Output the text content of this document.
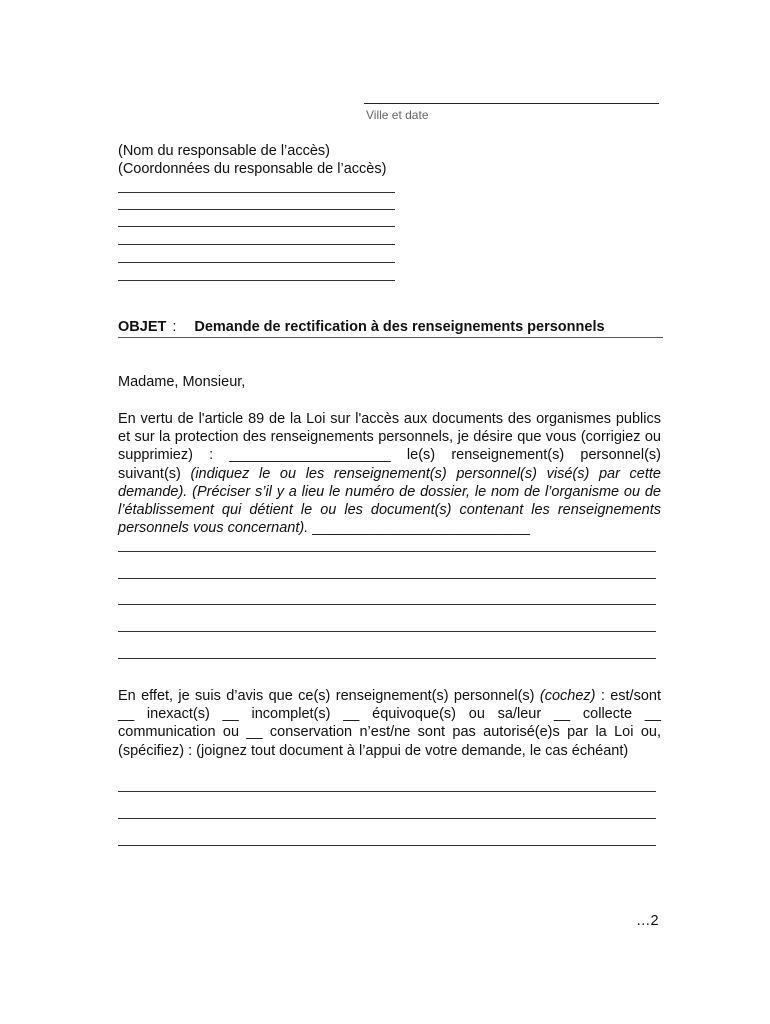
Ville et date
(Nom du responsable de l’accès)
(Coordonnées du responsable de l’accès)
OBJET : Demande de rectification à des renseignements personnels
Madame, Monsieur,
En vertu de l'article 89 de la Loi sur l'accès aux documents des organismes publics et sur la protection des renseignements personnels, je désire que vous (corrigiez ou supprimiez) : ____________________ le(s) renseignement(s) personnel(s) suivant(s) (indiquez le ou les renseignement(s) personnel(s) visé(s) par cette demande). (Préciser s’il y a lieu le numéro de dossier, le nom de l’organisme ou de l’établissement qui détient le ou les document(s) contenant les renseignements personnels vous concernant). ___________________________
En effet, je suis d’avis que ce(s) renseignement(s) personnel(s) (cochez) : est/sont __ inexact(s) __ incomplet(s) __ équivoque(s) ou sa/leur __ collecte __ communication ou __ conservation n’est/ne sont pas autorisé(e)s par la Loi ou, (spécifiez) : (joignez tout document à l’appui de votre demande, le cas échéant)
…2
